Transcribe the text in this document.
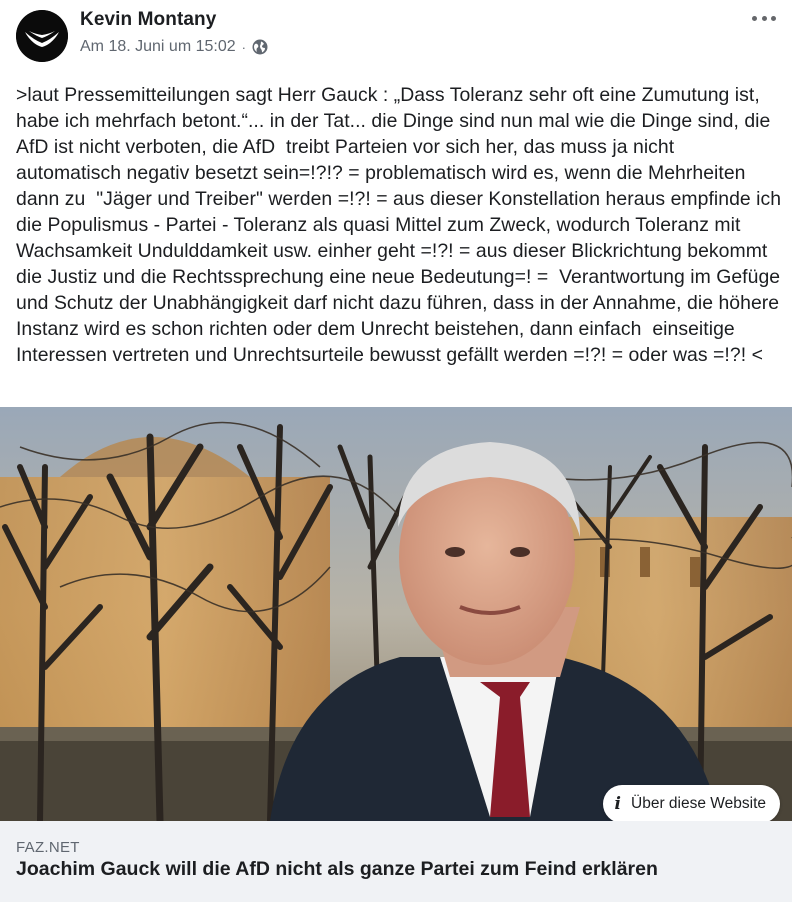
Kevin Montany
Am 18. Juni um 15:02 ·
>laut Pressemitteilungen sagt Herr Gauck : „Dass Toleranz sehr oft eine Zumutung ist, habe ich mehrfach betont.“... in der Tat... die Dinge sind nun mal wie die Dinge sind, die AfD ist nicht verboten, die AfD  treibt Parteien vor sich her, das muss ja nicht automatisch negativ besetzt sein=!?!? = problematisch wird es, wenn die Mehrheiten dann zu  "Jäger und Treiber" werden =!?! = aus dieser Konstellation heraus empfinde ich  die Populismus - Partei - Toleranz als quasi Mittel zum Zweck, wodurch Toleranz mit Wachsamkeit Undulddamkeit usw. einher geht =!?! = aus dieser Blickrichtung bekommt die Justiz und die Rechtssprechung eine neue Bedeutung=! =  Verantwortung im Gefüge und Schutz der Unabhängigkeit darf nicht dazu führen, dass in der Annahme, die höhere Instanz wird es schon richten oder dem Unrecht beistehen, dann einfach  einseitige Interessen vertreten und Unrechtsurteile bewusst gefällt werden =!?! = oder was =!?! <
i Über diese Website
FAZ.NET
Joachim Gauck will die AfD nicht als ganze Partei zum Feind erklären
